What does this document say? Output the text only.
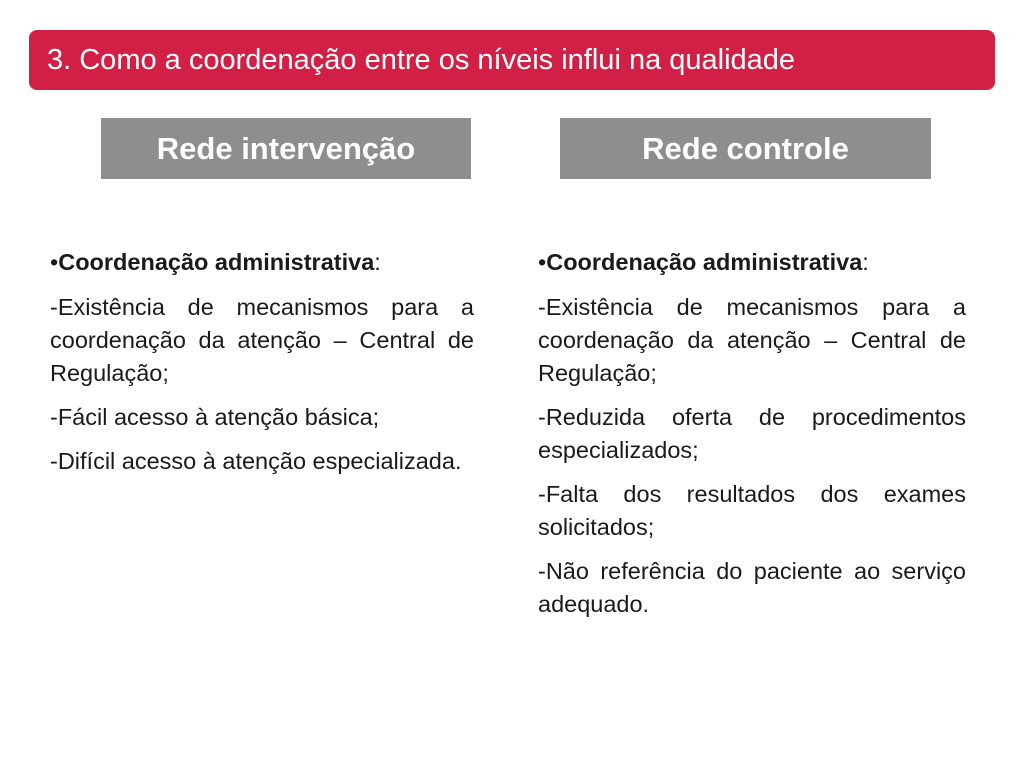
3. Como a coordenação entre os níveis influi na qualidade
Rede intervenção	Rede controle
•Coordenação administrativa:
-Existência de mecanismos para a coordenação da atenção – Central de Regulação;
-Fácil acesso à atenção básica;
-Difícil acesso à atenção especializada.
•Coordenação administrativa:
-Existência de mecanismos para a coordenação da atenção – Central de Regulação;
-Reduzida oferta de procedimentos especializados;
-Falta dos resultados dos exames solicitados;
-Não referência do paciente ao serviço adequado.
